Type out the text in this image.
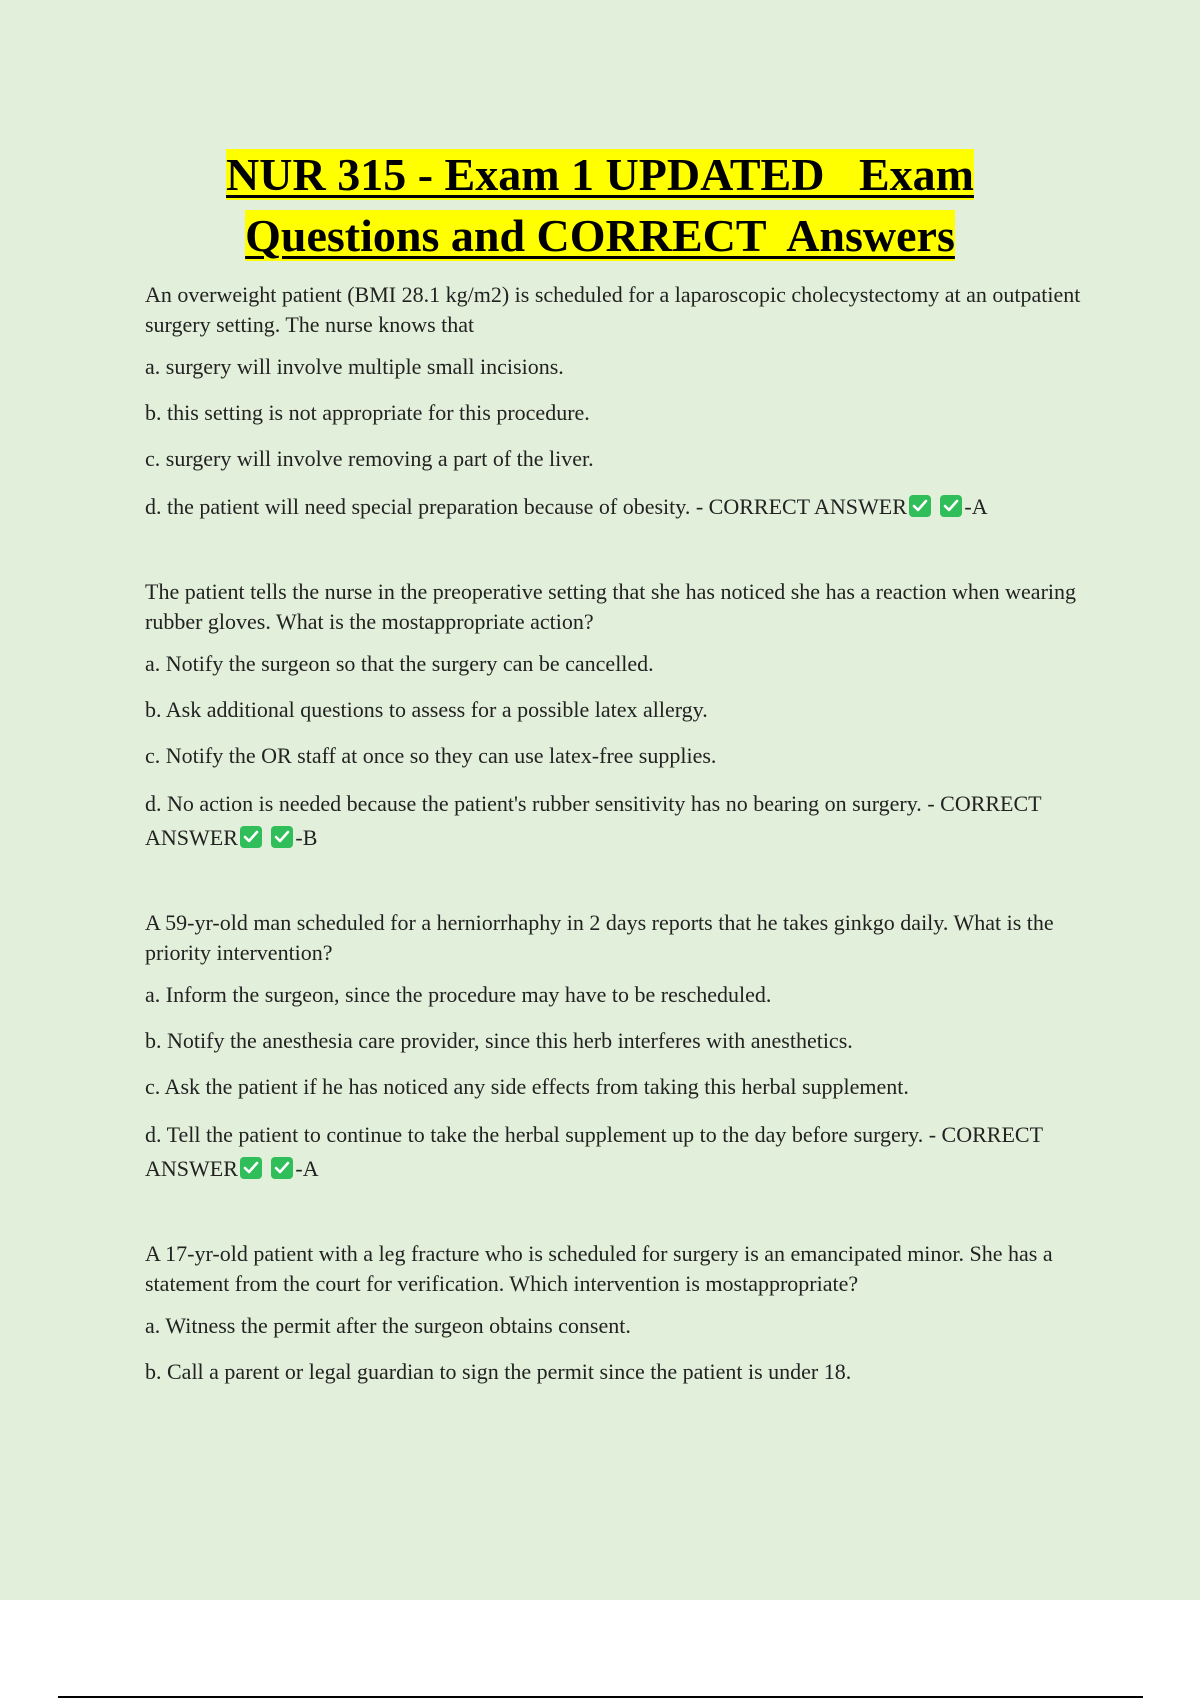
NUR 315 - Exam 1 UPDATED   Exam
Questions and CORRECT  Answers

An overweight patient (BMI 28.1 kg/m2) is scheduled for a laparoscopic cholecystectomy at an outpatient surgery setting. The nurse knows that

a. surgery will involve multiple small incisions.

b. this setting is not appropriate for this procedure.

c. surgery will involve removing a part of the liver.

d. the patient will need special preparation because of obesity. - CORRECT ANSWER
	-A

The patient tells the nurse in the preoperative setting that she has noticed she has a reaction when wearing rubber gloves. What is the mostappropriate action?

a. Notify the surgeon so that the surgery can be cancelled.

b. Ask additional questions to assess for a possible latex allergy.

c. Notify the OR staff at once so they can use latex-free supplies.

d. No action is needed because the patient's rubber sensitivity has no bearing on surgery. - CORRECT ANSWER
	-B

A 59-yr-old man scheduled for a herniorrhaphy in 2 days reports that he takes ginkgo daily. What is the priority intervention?

a. Inform the surgeon, since the procedure may have to be rescheduled.

b. Notify the anesthesia care provider, since this herb interferes with anesthetics.

c. Ask the patient if he has noticed any side effects from taking this herbal supplement.

d. Tell the patient to continue to take the herbal supplement up to the day before surgery. - CORRECT ANSWER
	-A

A 17-yr-old patient with a leg fracture who is scheduled for surgery is an emancipated minor. She has a statement from the court for verification. Which intervention is mostappropriate?

a. Witness the permit after the surgeon obtains consent.

b. Call a parent or legal guardian to sign the permit since the patient is under 18.
